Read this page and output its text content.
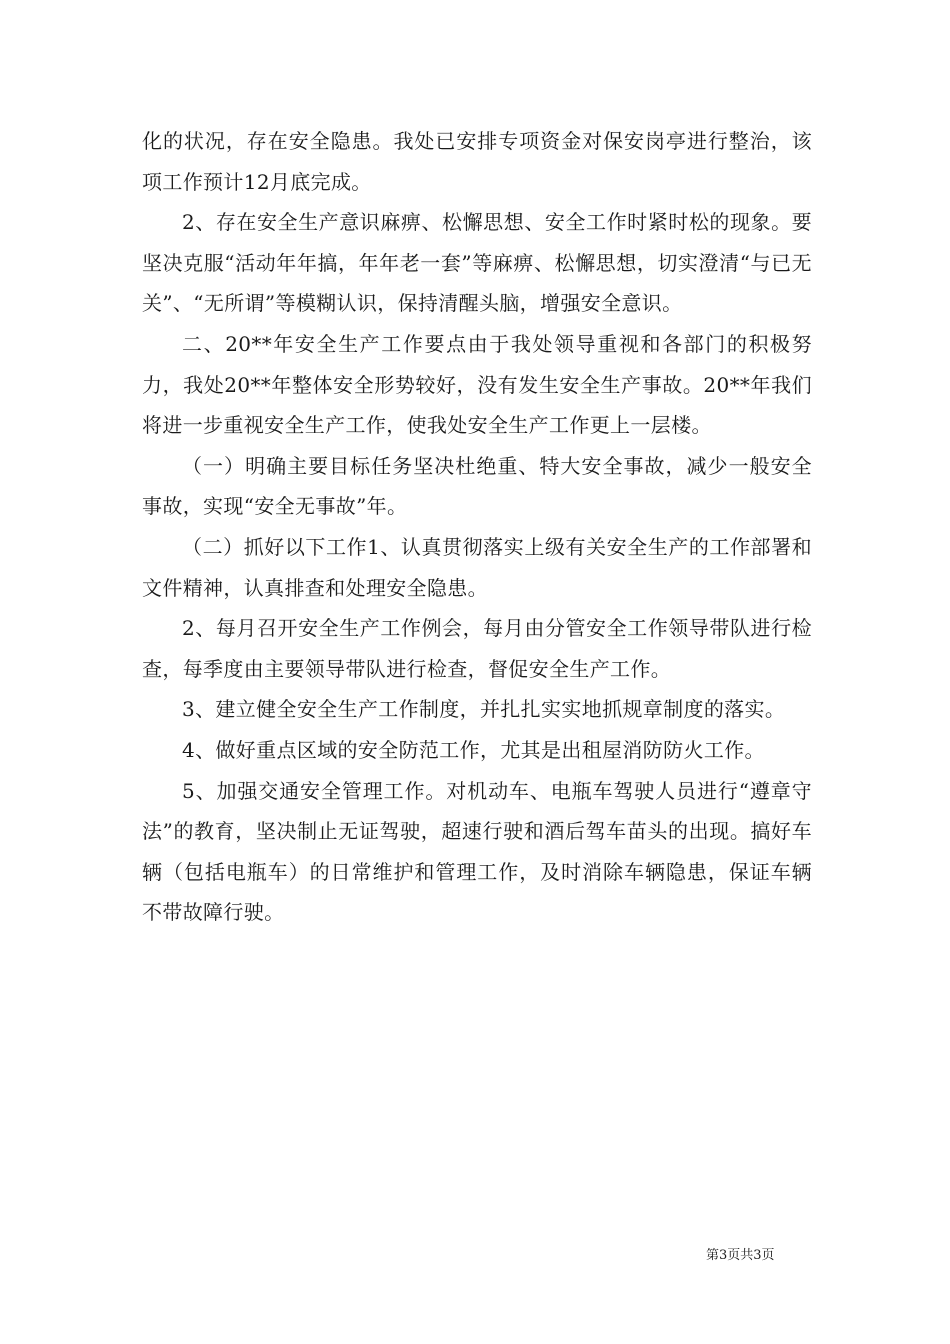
化的状况，存在安全隐患。我处已安排专项资金对保安岗亭进行整治，该项工作预计12月底完成。

2、存在安全生产意识麻痹、松懈思想、安全工作时紧时松的现象。要坚决克服“活动年年搞，年年老一套”等麻痹、松懈思想，切实澄清“与已无关”、“无所谓”等模糊认识，保持清醒头脑，增强安全意识。

二、20**年安全生产工作要点由于我处领导重视和各部门的积极努力，我处20**年整体安全形势较好，没有发生安全生产事故。20**年我们将进一步重视安全生产工作，使我处安全生产工作更上一层楼。

（一）明确主要目标任务坚决杜绝重、特大安全事故，减少一般安全事故，实现“安全无事故”年。

（二）抓好以下工作1、认真贯彻落实上级有关安全生产的工作部署和文件精神，认真排查和处理安全隐患。

2、每月召开安全生产工作例会，每月由分管安全工作领导带队进行检查，每季度由主要领导带队进行检查，督促安全生产工作。

3、建立健全安全生产工作制度，并扎扎实实地抓规章制度的落实。

4、做好重点区域的安全防范工作，尤其是出租屋消防防火工作。

5、加强交通安全管理工作。对机动车、电瓶车驾驶人员进行“遵章守法”的教育，坚决制止无证驾驶，超速行驶和酒后驾车苗头的出现。搞好车辆（包括电瓶车）的日常维护和管理工作，及时消除车辆隐患，保证车辆不带故障行驶。

第3页共3页
